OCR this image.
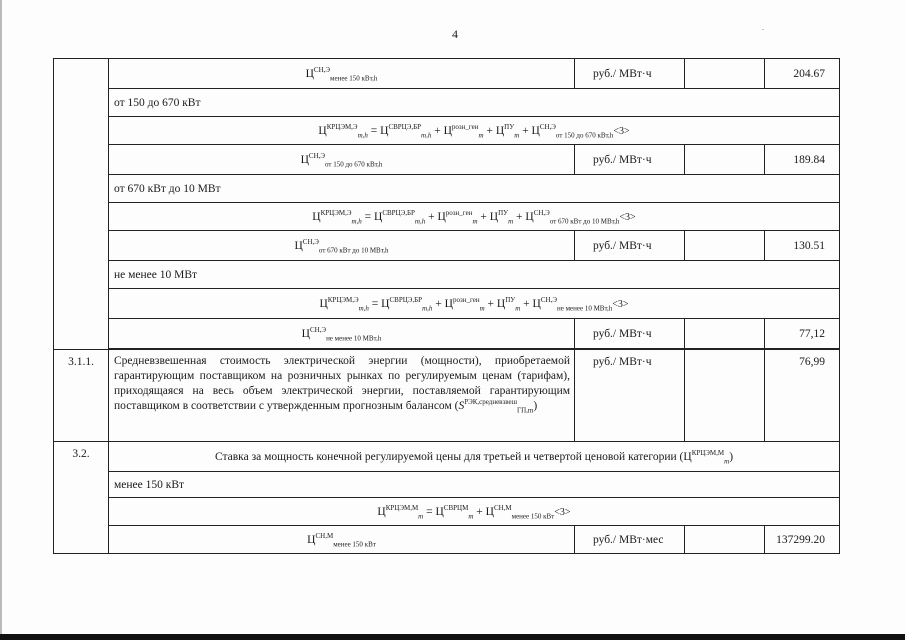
4	.
	$Ц^{СН,Э}_{менее 150 кВт,h}$	руб./ МВт·ч		204.67
	от 150 до 670 кВт			
	$Ц^{КРЦЭМ,Э}_{m,h} = Ц^{СВРЦЭ,БР}_{m,h} + Ц^{розн\_ген}_m + Ц^{ПУ}_m + Ц^{СН,Э}_{от 150 до 670 кВт,h}<3>$			
	$Ц^{СН,Э}_{от 150 до 670 кВт,h}$	руб./ МВт·ч		189.84
	от 670 кВт до 10 МВт			
	$Ц^{КРЦЭМ,Э}_{m,h} = Ц^{СВРЦЭ,БР}_{m,h} + Ц^{розн\_ген}_m + Ц^{ПУ}_m + Ц^{СН,Э}_{от 670 кВт до 10 МВт,h}<3>$			
	$Ц^{СН,Э}_{от 670 кВт до 10 МВт,h}$	руб./ МВт·ч		130.51
	не менее 10 МВт			
	$Ц^{КРЦЭМ,Э}_{m,h} = Ц^{СВРЦЭ,БР}_{m,h} + Ц^{розн\_ген}_m + Ц^{ПУ}_m + Ц^{СН,Э}_{не менее 10 МВт,h}<3>$			
	$Ц^{СН,Э}_{не менее 10 МВт,h}$	руб./ МВт·ч		77,12

3.1.1.	Средневзвешенная стоимость электрической энергии (мощности), приобретаемой гарантирующим поставщиком на розничных рынках по регулируемым ценам (тарифам), приходящаяся на весь объем электрической энергии, поставляемой гарантирующим поставщиком в соответствии с утвержденным прогнозным балансом $(S^{РЭК,средневзвеш}_{ГП,m})$	руб./ МВт·ч		76,99
3.2.	Ставка за мощность конечной регулируемой цены для третьей и четвертой ценовой категории $(Ц^{КРЦЭМ,М}_m)$			
	менее 150 кВт			
	$Ц^{КРЦЭМ,М}_m = Ц^{СВРЦМ}_m + Ц^{СН,М}_{менее 150 кВт}<3>$			
	$Ц^{СН,М}_{менее 150 кВт}$	руб./ МВт·мес		137299.20
